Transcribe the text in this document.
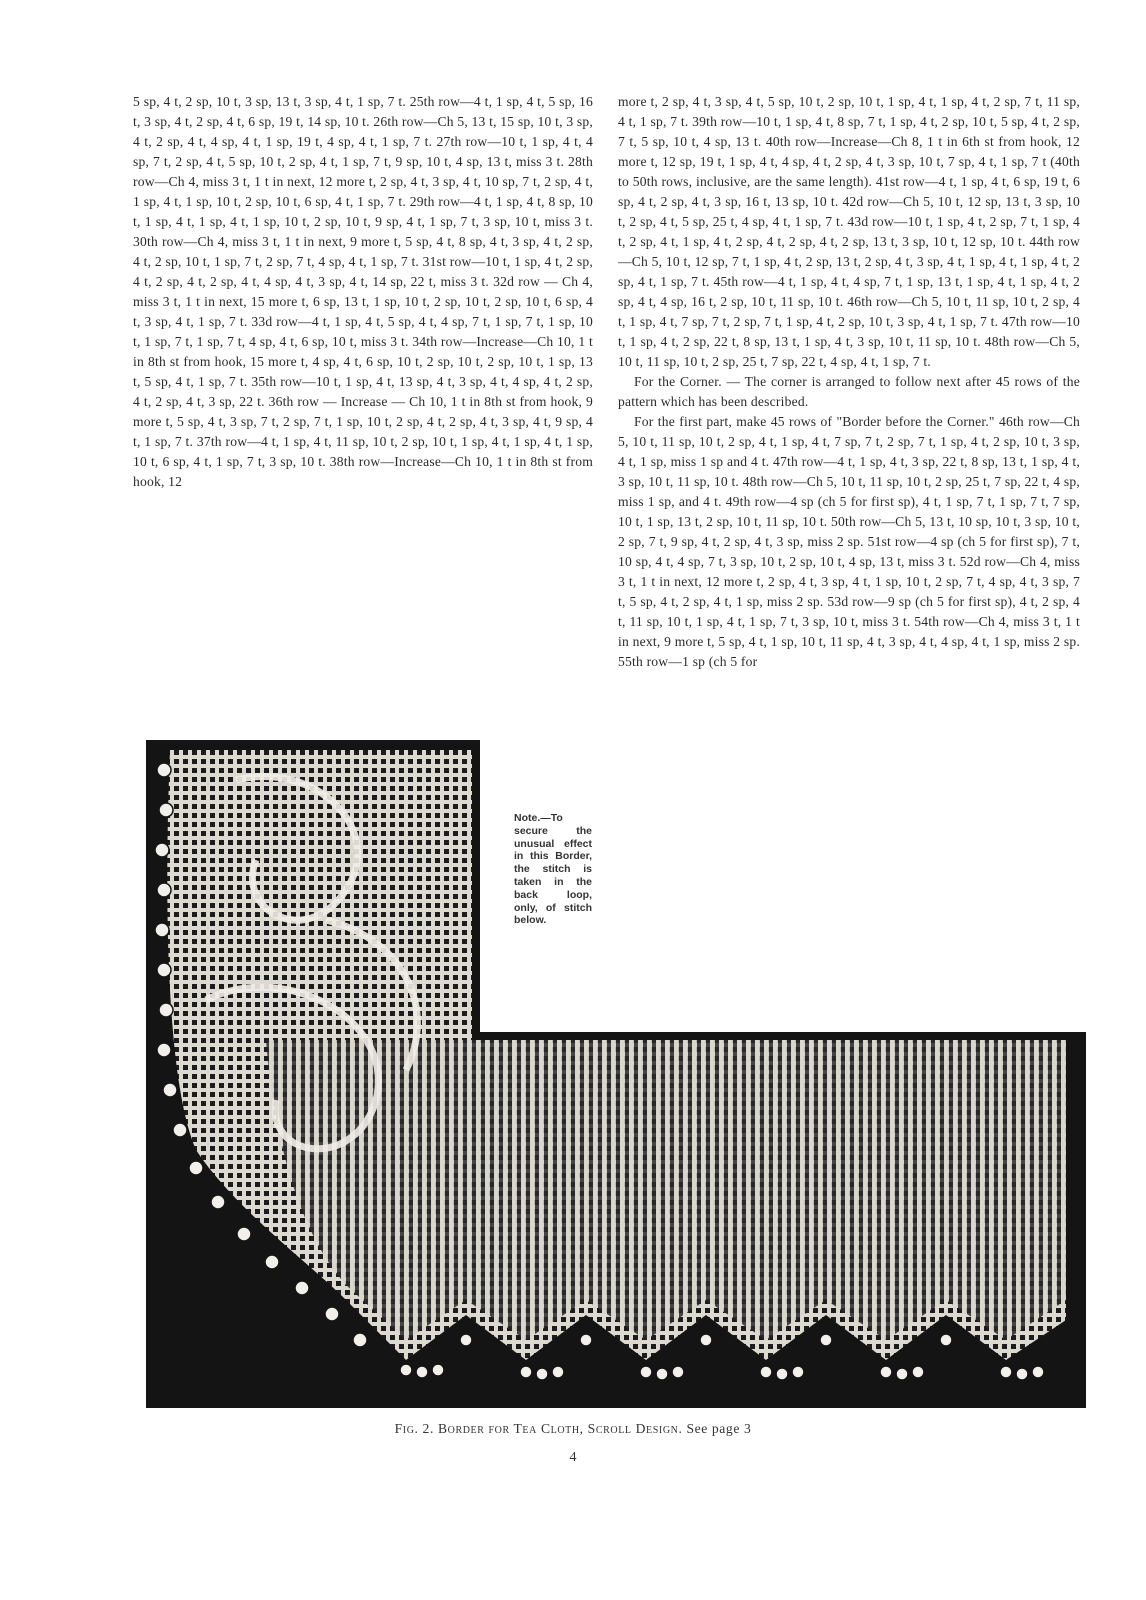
5 sp, 4 t, 2 sp, 10 t, 3 sp, 13 t, 3 sp, 4 t, 1 sp, 7 t. 25th row—4 t, 1 sp, 4 t, 5 sp, 16 t, 3 sp, 4 t, 2 sp, 4 t, 6 sp, 19 t, 14 sp, 10 t. 26th row—Ch 5, 13 t, 15 sp, 10 t, 3 sp, 4 t, 2 sp, 4 t, 4 sp, 4 t, 1 sp, 19 t, 4 sp, 4 t, 1 sp, 7 t. 27th row—10 t, 1 sp, 4 t, 4 sp, 7 t, 2 sp, 4 t, 5 sp, 10 t, 2 sp, 4 t, 1 sp, 7 t, 9 sp, 10 t, 4 sp, 13 t, miss 3 t. 28th row—Ch 4, miss 3 t, 1 t in next, 12 more t, 2 sp, 4 t, 3 sp, 4 t, 10 sp, 7 t, 2 sp, 4 t, 1 sp, 4 t, 1 sp, 10 t, 2 sp, 10 t, 6 sp, 4 t, 1 sp, 7 t. 29th row—4 t, 1 sp, 4 t, 8 sp, 10 t, 1 sp, 4 t, 1 sp, 4 t, 1 sp, 10 t, 2 sp, 10 t, 9 sp, 4 t, 1 sp, 7 t, 3 sp, 10 t, miss 3 t. 30th row—Ch 4, miss 3 t, 1 t in next, 9 more t, 5 sp, 4 t, 8 sp, 4 t, 3 sp, 4 t, 2 sp, 4 t, 2 sp, 10 t, 1 sp, 7 t, 2 sp, 7 t, 4 sp, 4 t, 1 sp, 7 t. 31st row—10 t, 1 sp, 4 t, 2 sp, 4 t, 2 sp, 4 t, 2 sp, 4 t, 4 sp, 4 t, 3 sp, 4 t, 14 sp, 22 t, miss 3 t. 32d row — Ch 4, miss 3 t, 1 t in next, 15 more t, 6 sp, 13 t, 1 sp, 10 t, 2 sp, 10 t, 2 sp, 10 t, 6 sp, 4 t, 3 sp, 4 t, 1 sp, 7 t. 33d row—4 t, 1 sp, 4 t, 5 sp, 4 t, 4 sp, 7 t, 1 sp, 7 t, 1 sp, 10 t, 1 sp, 7 t, 1 sp, 7 t, 4 sp, 4 t, 6 sp, 10 t, miss 3 t. 34th row—Increase—Ch 10, 1 t in 8th st from hook, 15 more t, 4 sp, 4 t, 6 sp, 10 t, 2 sp, 10 t, 2 sp, 10 t, 1 sp, 13 t, 5 sp, 4 t, 1 sp, 7 t. 35th row—10 t, 1 sp, 4 t, 13 sp, 4 t, 3 sp, 4 t, 4 sp, 4 t, 2 sp, 4 t, 2 sp, 4 t, 3 sp, 22 t. 36th row — Increase — Ch 10, 1 t in 8th st from hook, 9 more t, 5 sp, 4 t, 3 sp, 7 t, 2 sp, 7 t, 1 sp, 10 t, 2 sp, 4 t, 2 sp, 4 t, 3 sp, 4 t, 9 sp, 4 t, 1 sp, 7 t. 37th row—4 t, 1 sp, 4 t, 11 sp, 10 t, 2 sp, 10 t, 1 sp, 4 t, 1 sp, 4 t, 1 sp, 10 t, 6 sp, 4 t, 1 sp, 7 t, 3 sp, 10 t. 38th row—Increase—Ch 10, 1 t in 8th st from hook, 12

more t, 2 sp, 4 t, 3 sp, 4 t, 5 sp, 10 t, 2 sp, 10 t, 1 sp, 4 t, 1 sp, 4 t, 2 sp, 7 t, 11 sp, 4 t, 1 sp, 7 t. 39th row—10 t, 1 sp, 4 t, 8 sp, 7 t, 1 sp, 4 t, 2 sp, 10 t, 5 sp, 4 t, 2 sp, 7 t, 5 sp, 10 t, 4 sp, 13 t. 40th row—Increase—Ch 8, 1 t in 6th st from hook, 12 more t, 12 sp, 19 t, 1 sp, 4 t, 4 sp, 4 t, 2 sp, 4 t, 3 sp, 10 t, 7 sp, 4 t, 1 sp, 7 t (40th to 50th rows, inclusive, are the same length). 41st row—4 t, 1 sp, 4 t, 6 sp, 19 t, 6 sp, 4 t, 2 sp, 4 t, 3 sp, 16 t, 13 sp, 10 t. 42d row—Ch 5, 10 t, 12 sp, 13 t, 3 sp, 10 t, 2 sp, 4 t, 5 sp, 25 t, 4 sp, 4 t, 1 sp, 7 t. 43d row—10 t, 1 sp, 4 t, 2 sp, 7 t, 1 sp, 4 t, 2 sp, 4 t, 1 sp, 4 t, 2 sp, 4 t, 2 sp, 4 t, 2 sp, 13 t, 3 sp, 10 t, 12 sp, 10 t. 44th row—Ch 5, 10 t, 12 sp, 7 t, 1 sp, 4 t, 2 sp, 13 t, 2 sp, 4 t, 3 sp, 4 t, 1 sp, 4 t, 1 sp, 4 t, 2 sp, 4 t, 1 sp, 7 t. 45th row—4 t, 1 sp, 4 t, 4 sp, 7 t, 1 sp, 13 t, 1 sp, 4 t, 1 sp, 4 t, 2 sp, 4 t, 4 sp, 16 t, 2 sp, 10 t, 11 sp, 10 t. 46th row—Ch 5, 10 t, 11 sp, 10 t, 2 sp, 4 t, 1 sp, 4 t, 7 sp, 7 t, 2 sp, 7 t, 1 sp, 4 t, 2 sp, 10 t, 3 sp, 4 t, 1 sp, 7 t. 47th row—10 t, 1 sp, 4 t, 2 sp, 22 t, 8 sp, 13 t, 1 sp, 4 t, 3 sp, 10 t, 11 sp, 10 t. 48th row—Ch 5, 10 t, 11 sp, 10 t, 2 sp, 25 t, 7 sp, 22 t, 4 sp, 4 t, 1 sp, 7 t.

For the Corner. — The corner is arranged to follow next after 45 rows of the pattern which has been described.

For the first part, make 45 rows of "Border before the Corner." 46th row—Ch 5, 10 t, 11 sp, 10 t, 2 sp, 4 t, 1 sp, 4 t, 7 sp, 7 t, 2 sp, 7 t, 1 sp, 4 t, 2 sp, 10 t, 3 sp, 4 t, 1 sp, miss 1 sp and 4 t. 47th row—4 t, 1 sp, 4 t, 3 sp, 22 t, 8 sp, 13 t, 1 sp, 4 t, 3 sp, 10 t, 11 sp, 10 t. 48th row—Ch 5, 10 t, 11 sp, 10 t, 2 sp, 25 t, 7 sp, 22 t, 4 sp, miss 1 sp, and 4 t. 49th row—4 sp (ch 5 for first sp), 4 t, 1 sp, 7 t, 1 sp, 7 t, 7 sp, 10 t, 1 sp, 13 t, 2 sp, 10 t, 11 sp, 10 t. 50th row—Ch 5, 13 t, 10 sp, 10 t, 3 sp, 10 t, 2 sp, 7 t, 9 sp, 4 t, 2 sp, 4 t, 3 sp, miss 2 sp. 51st row—4 sp (ch 5 for first sp), 7 t, 10 sp, 4 t, 4 sp, 7 t, 3 sp, 10 t, 2 sp, 10 t, 4 sp, 13 t, miss 3 t. 52d row—Ch 4, miss 3 t, 1 t in next, 12 more t, 2 sp, 4 t, 3 sp, 4 t, 1 sp, 10 t, 2 sp, 7 t, 4 sp, 4 t, 3 sp, 7 t, 5 sp, 4 t, 2 sp, 4 t, 1 sp, miss 2 sp. 53d row—9 sp (ch 5 for first sp), 4 t, 2 sp, 4 t, 11 sp, 10 t, 1 sp, 4 t, 1 sp, 7 t, 3 sp, 10 t, miss 3 t. 54th row—Ch 4, miss 3 t, 1 t in next, 9 more t, 5 sp, 4 t, 1 sp, 10 t, 11 sp, 4 t, 3 sp, 4 t, 4 sp, 4 t, 1 sp, miss 2 sp. 55th row—1 sp (ch 5 for

Note.—To secure the unusual effect in this Border, the stitch is taken in the back loop, only, of stitch below.
Fig. 2. Border for Tea Cloth, Scroll Design. See page 3
4
